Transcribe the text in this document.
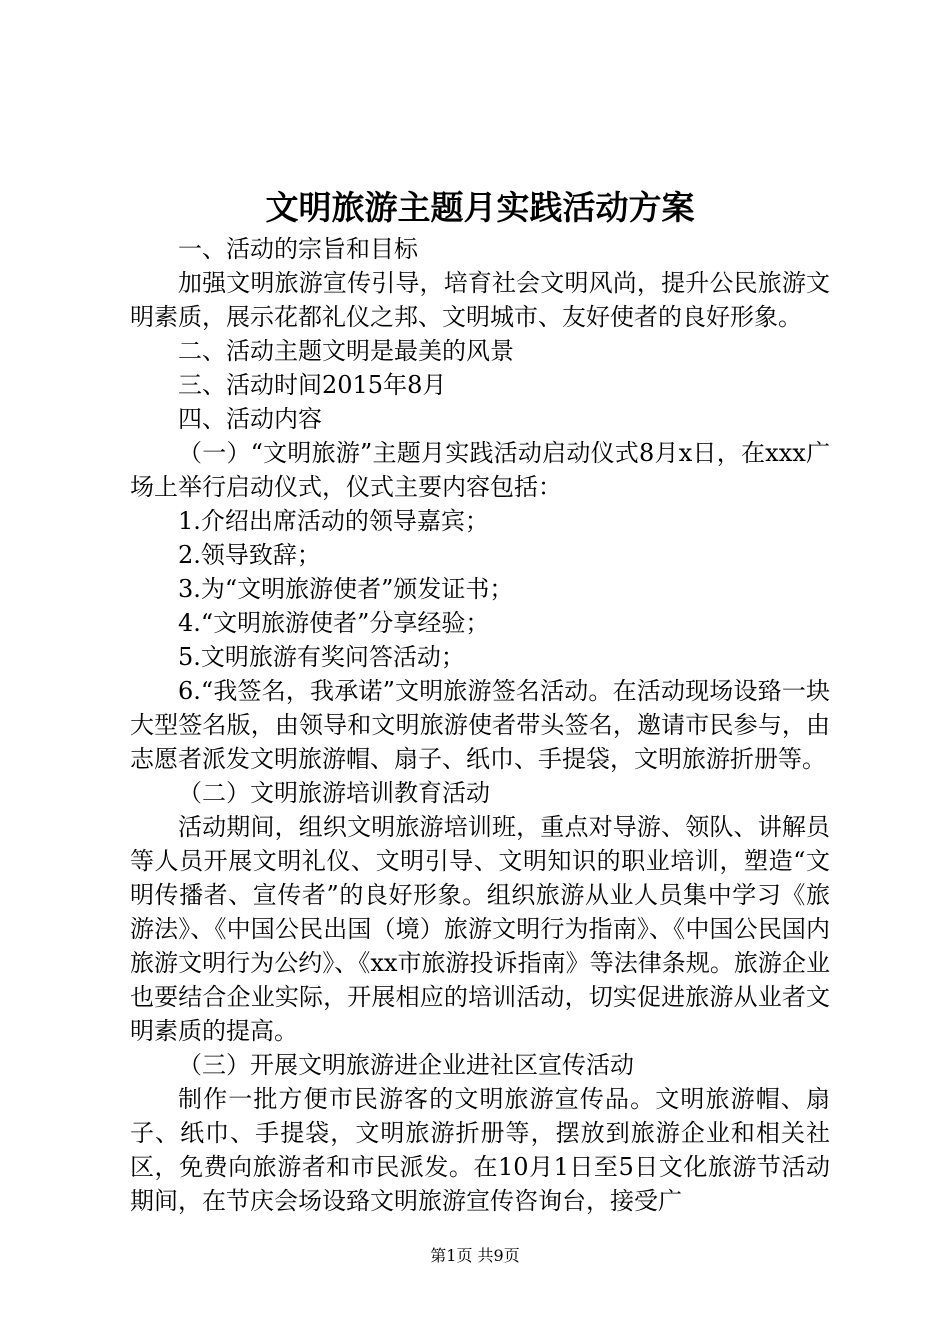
文明旅游主题月实践活动方案

一、活动的宗旨和目标

加强文明旅游宣传引导，培育社会文明风尚，提升公民旅游文明素质，展示花都礼仪之邦、文明城市、友好使者的良好形象。

二、活动主题文明是最美的风景

三、活动时间2015年8月

四、活动内容

（一）“文明旅游”主题月实践活动启动仪式8月x日，在xxx广场上举行启动仪式，仪式主要内容包括：

1.介绍出席活动的领导嘉宾；

2.领导致辞；

3.为“文明旅游使者”颁发证书；

4.“文明旅游使者”分享经验；

5.文明旅游有奖问答活动；

6.“我签名，我承诺”文明旅游签名活动。在活动现场设臵一块大型签名版，由领导和文明旅游使者带头签名，邀请市民参与，由志愿者派发文明旅游帽、扇子、纸巾、手提袋，文明旅游折册等。

（二）文明旅游培训教育活动

活动期间，组织文明旅游培训班，重点对导游、领队、讲解员等人员开展文明礼仪、文明引导、文明知识的职业培训，塑造“文明传播者、宣传者”的良好形象。组织旅游从业人员集中学习《旅游法》、《中国公民出国（境）旅游文明行为指南》、《中国公民国内旅游文明行为公约》、《xx市旅游投诉指南》等法律条规。旅游企业也要结合企业实际，开展相应的培训活动，切实促进旅游从业者文明素质的提高。

（三）开展文明旅游进企业进社区宣传活动

制作一批方便市民游客的文明旅游宣传品。文明旅游帽、扇子、纸巾、手提袋，文明旅游折册等，摆放到旅游企业和相关社区，免费向旅游者和市民派发。在10月1日至5日文化旅游节活动期间，在节庆会场设臵文明旅游宣传咨询台，接受广

第1页 共9页
